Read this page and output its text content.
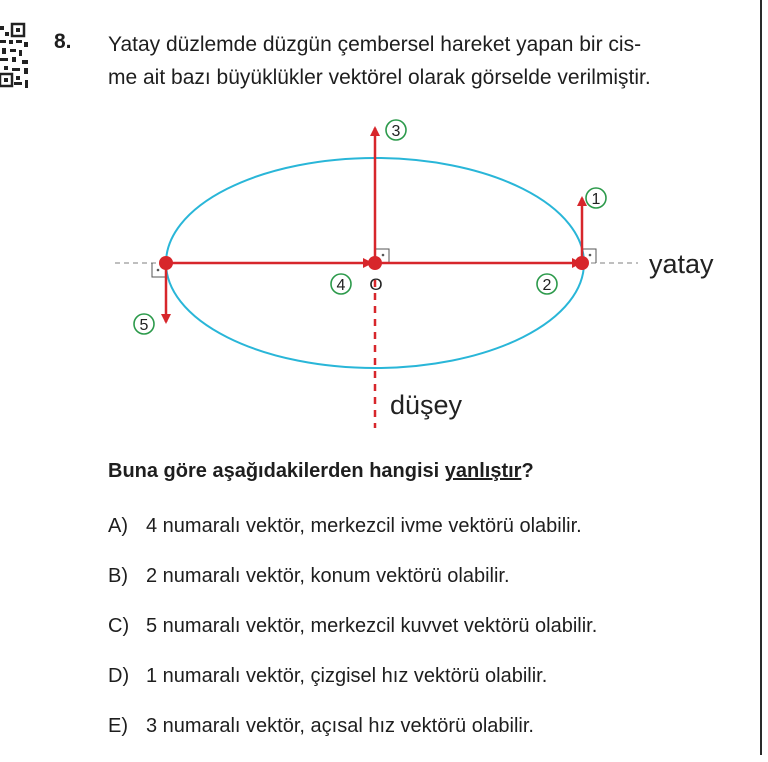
8. Yatay düzlemde düzgün çembersel hareket yapan bir cis-
me ait bazı büyüklükler vektörel olarak görselde verilmiştir.

1
2
3
4
5
O
yatay
düşey

Buna göre aşağıdakilerden hangisi yanlıştır?

A) 4 numaralı vektör, merkezcil ivme vektörü olabilir.
B) 2 numaralı vektör, konum vektörü olabilir.
C) 5 numaralı vektör, merkezcil kuvvet vektörü olabilir.
D) 1 numaralı vektör, çizgisel hız vektörü olabilir.
E) 3 numaralı vektör, açısal hız vektörü olabilir.
